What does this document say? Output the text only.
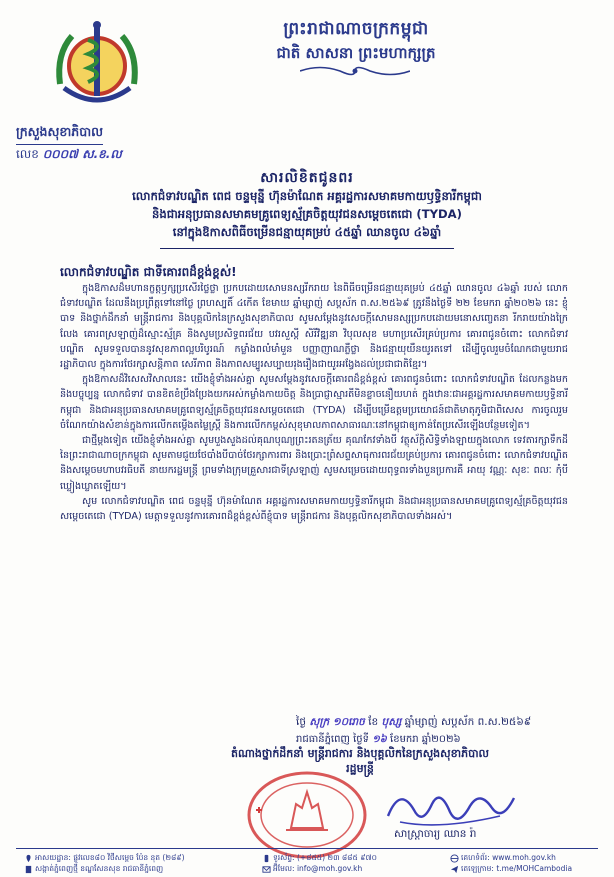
ព្រះរាជាណាចក្រកម្ពុជា
ជាតិ សាសនា ព្រះមហាក្សត្រ
ក្រសួងសុខាភិបាល
លេខ ០០០៧ ស.ខ.ល
សារលិខិតជូនពរ
លោកជំទាវបណ្ឌិត ពេជ ចន្ទមុន្នី ហ៊ុនម៉ាណែត អគ្គរដ្ឋការសមាគមកាយឫទ្ធិនារីកម្ពុជា
និងជាអនុប្រធានសមាគមគ្រូពេទ្យស្ម័គ្រចិត្តយុវជនសម្តេចតេជោ (TYDA)
នៅក្នុងឱកាសពិធីចម្រើនជន្មាយុគម្រប់ ៤៥ឆ្នាំ ឈានចូល ៤៦ឆ្នាំ
លោកជំទាវបណ្ឌិត ជាទីគោរពដ៏ខ្ពង់ខ្ពស់!

ក្នុងឱកាសដ៏មហានក្ខត្តឫក្សប្រសើរថ្លៃថ្លា ប្រកបដោយសោមនស្សរីករាយ នៃពិធីចម្រើនជន្មាយុគម្រប់ ៤៥ឆ្នាំ ឈានចូល ៤៦ឆ្នាំ របស់ លោកជំទាវបណ្ឌិត ដែលនឹងប្រព្រឹត្តទៅនៅថ្ងៃ ព្រហស្បតិ៍ ៤កើត ខែមាឃ ឆ្នាំម្សាញ់ សប្តស័ក ព.ស.២៥៦៩ ត្រូវនឹងថ្ងៃទី ២២ ខែមករា ឆ្នាំ២០២៦ នេះ ខ្ញុំបាទ និងថ្នាក់ដឹកនាំ មន្ត្រីរាជការ និងបុគ្គលិកនៃក្រសួងសុខាភិបាល សូមសម្តែងនូវសេចក្តីសោមនស្សប្រកបដោយមនោសញ្ចេតនា រីករាយយ៉ាងក្រៃលែង គោរពស្រឡាញ់ដ៏ស្មោះស្ម័គ្រ និងសូមប្រសិទ្ធពរជ័យ បវរសួស្តី សិរីវិឌ្ឍនា វិបុលសុខ មហាប្រសើរគ្រប់ប្រការ គោរពជូនចំពោះ លោកជំទាវបណ្ឌិត សូមទទួលបាននូវសុខភាពល្អបរិបូរណ៍ កម្លាំងពលំមាំមួន បញ្ញាញាណភ្លឺថ្លា និងជន្មាយុយឺនយូរតទៅ ដើម្បីចូលរួមចំណែកជាមួយរាជរដ្ឋាភិបាល ក្នុងការថែរក្សាសន្តិភាព សេរីភាព និងភាពសម្បូរសប្បាយរុងរឿងជាយូរអង្វែងដល់ប្រជាជាតិខ្មែរ។

ក្នុងឱកាសដ៏វិសេសវិសាលនេះ យើងខ្ញុំទាំងអស់គ្នា សូមសម្តែងនូវសេចក្តីគោរពដ៏ខ្ពង់ខ្ពស់ គោរពជូនចំពោះ លោកជំទាវបណ្ឌិត ដែលកន្លងមកនិងបច្ចុប្បន្ន លោកជំទាវ បានខិតខំប្រឹងប្រែងយកអស់កម្លាំងកាយចិត្ត និងប្រាជ្ញាស្មារតីមិនខ្លាចនឿយហត់ ក្នុងឋានៈជាអគ្គរដ្ឋការសមាគមកាយឫទ្ធិនារីកម្ពុជា និងជាអនុប្រធានសមាគមគ្រូពេទ្យស្ម័គ្រចិត្តយុវជនសម្តេចតេជោ (TYDA) ដើម្បីបម្រើឧត្តមប្រយោជន៍ជាតិមាតុភូមិជាពិសេស ការចូលរួមចំណែកយ៉ាងសំខាន់ក្នុងការលើកតម្កើងតម្លៃស្ត្រី និងការលើកកម្ពស់សុខុមាលភាពសាធារណៈនៅកម្ពុជាឲ្យកាន់តែប្រសើរឡើងបន្ថែមទៀត។

ជាថ្មីម្តងទៀត យើងខ្ញុំទាំងអស់គ្នា សូមបួងសួងដល់គុណបុណ្យព្រះរតនត្រ័យ គុណកែវទាំងបី វត្ថុស័ក្តិសិទ្ធិទាំងឡាយក្នុងលោក ទេវតារក្សាទឹកដីនៃព្រះរាជាណាចក្រកម្ពុជា សូមតាមជួយថែបាំងបីបាច់ថែរក្សាការពារ និងប្រោះព្រំសព្ទសាធុការពរជ័យគ្រប់ប្រការ គោរពជូនចំពោះ លោកជំទាវបណ្ឌិត និងសម្តេចមហាបវរធិបតី នាយករដ្ឋមន្ត្រី ព្រមទាំងក្រុមគ្រួសារជាទីស្រឡាញ់ សូមសម្រេចដោយពុទ្ធពរទាំងបួនប្រការគឺ អាយុ វណ្ណៈ សុខៈ ពលៈ កុំបីឃ្លៀងឃ្លាតឡើយ។

សូម លោកជំទាវបណ្ឌិត ពេជ ចន្ទមុន្នី ហ៊ុនម៉ាណែត អគ្គរដ្ឋការសមាគមកាយឫទ្ធិនារីកម្ពុជា និងជាអនុប្រធានសមាគមគ្រូពេទ្យស្ម័គ្រចិត្តយុវជនសម្តេចតេជោ (TYDA) មេត្តាទទួលនូវការគោរពដ៏ខ្ពង់ខ្ពស់ពីខ្ញុំបាទ មន្ត្រីរាជការ និងបុគ្គលិកសុខាភិបាលទាំងអស់។

ថ្ងៃ សុក្រ ១០រោច ខែ បុស្ស ឆ្នាំម្សាញ់ សប្តស័ក ព.ស.២៥៦៩
រាជធានីភ្នំពេញ ថ្ងៃទី ១៦ ខែមករា ឆ្នាំ២០២៦
តំណាងថ្នាក់ដឹកនាំ មន្ត្រីរាជការ និងបុគ្គលិកនៃក្រសួងសុខាភិបាល
រដ្ឋមន្ត្រី
សាស្ត្រាចារ្យ ឈាន រ៉ា
អាសយដ្ឋាន: ផ្លូវលេខ៨០ វិថីសម្តេច ប៉ែន នុត (២៨៩)
សង្កាត់ភ្នំពេញថ្មី ខណ្ឌសែនសុខ រាជធានីភ្នំពេញ
ទូរស័ព្ទ: (+៨៥៥) ២៣ ៨៨៥ ៩៧០
អ៊ីមែល: info@moh.gov.kh
គេហទំព័រ: www.moh.gov.kh
តេឡេក្រាម: t.me/MOHCambodia
